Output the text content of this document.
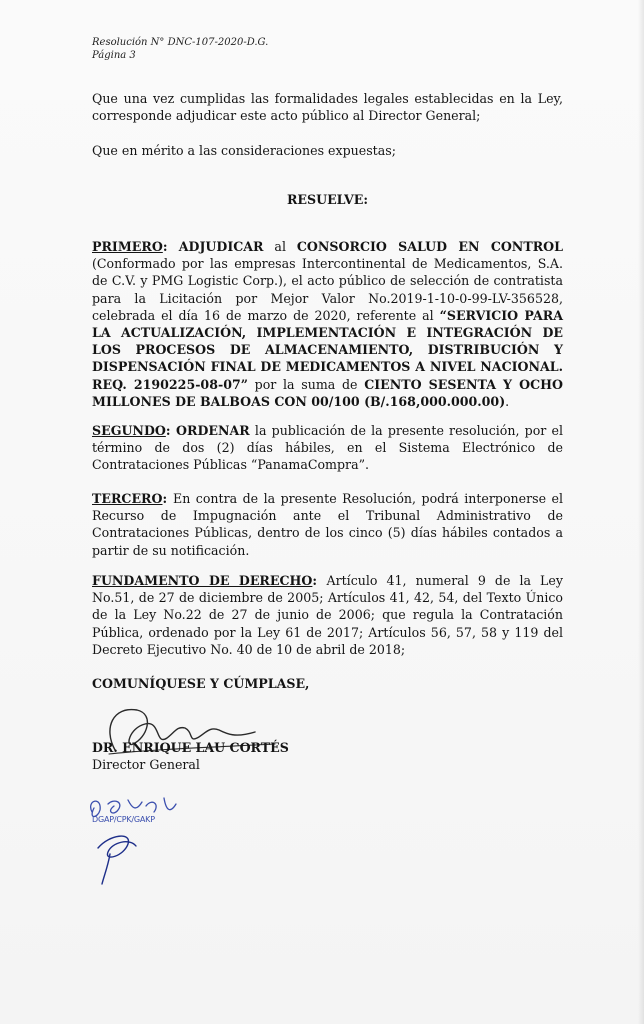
Resolución N° DNC-107-2020-D.G.
Página 3
Que una vez cumplidas las formalidades legales establecidas en la Ley, corresponde adjudicar este acto público al Director General;
Que en mérito a las consideraciones expuestas;
RESUELVE:
PRIMERO: ADJUDICAR al CONSORCIO SALUD EN CONTROL (Conformado por las empresas Intercontinental de Medicamentos, S.A. de C.V. y PMG Logistic Corp.), el acto público de selección de contratista para la Licitación por Mejor Valor No.2019-1-10-0-99-LV-356528, celebrada el día 16 de marzo de 2020, referente al “SERVICIO PARA LA ACTUALIZACIÓN, IMPLEMENTACIÓN E INTEGRACIÓN DE LOS PROCESOS DE ALMACENAMIENTO, DISTRIBUCIÓN Y DISPENSACIÓN FINAL DE MEDICAMENTOS A NIVEL NACIONAL. REQ. 2190225-08-07” por la suma de CIENTO SESENTA Y OCHO MILLONES DE BALBOAS CON 00/100 (B/.168,000.000.00).
SEGUNDO: ORDENAR la publicación de la presente resolución, por el término de dos (2) días hábiles, en el Sistema Electrónico de Contrataciones Públicas “PanamaCompra”.
TERCERO: En contra de la presente Resolución, podrá interponerse el Recurso de Impugnación ante el Tribunal Administrativo de Contrataciones Públicas, dentro de los cinco (5) días hábiles contados a partir de su notificación.
FUNDAMENTO DE DERECHO: Artículo 41, numeral 9 de la Ley No.51, de 27 de diciembre de 2005; Artículos 41, 42, 54, del Texto Único de la Ley No.22 de 27 de junio de 2006; que regula la Contratación Pública, ordenado por la Ley 61 de 2017; Artículos 56, 57, 58 y 119 del Decreto Ejecutivo No. 40 de 10 de abril de 2018;
COMUNÍQUESE Y CÚMPLASE,
DR. ENRIQUE LAU CORTÉS
Director General
DGAP/CPK/GAKP
